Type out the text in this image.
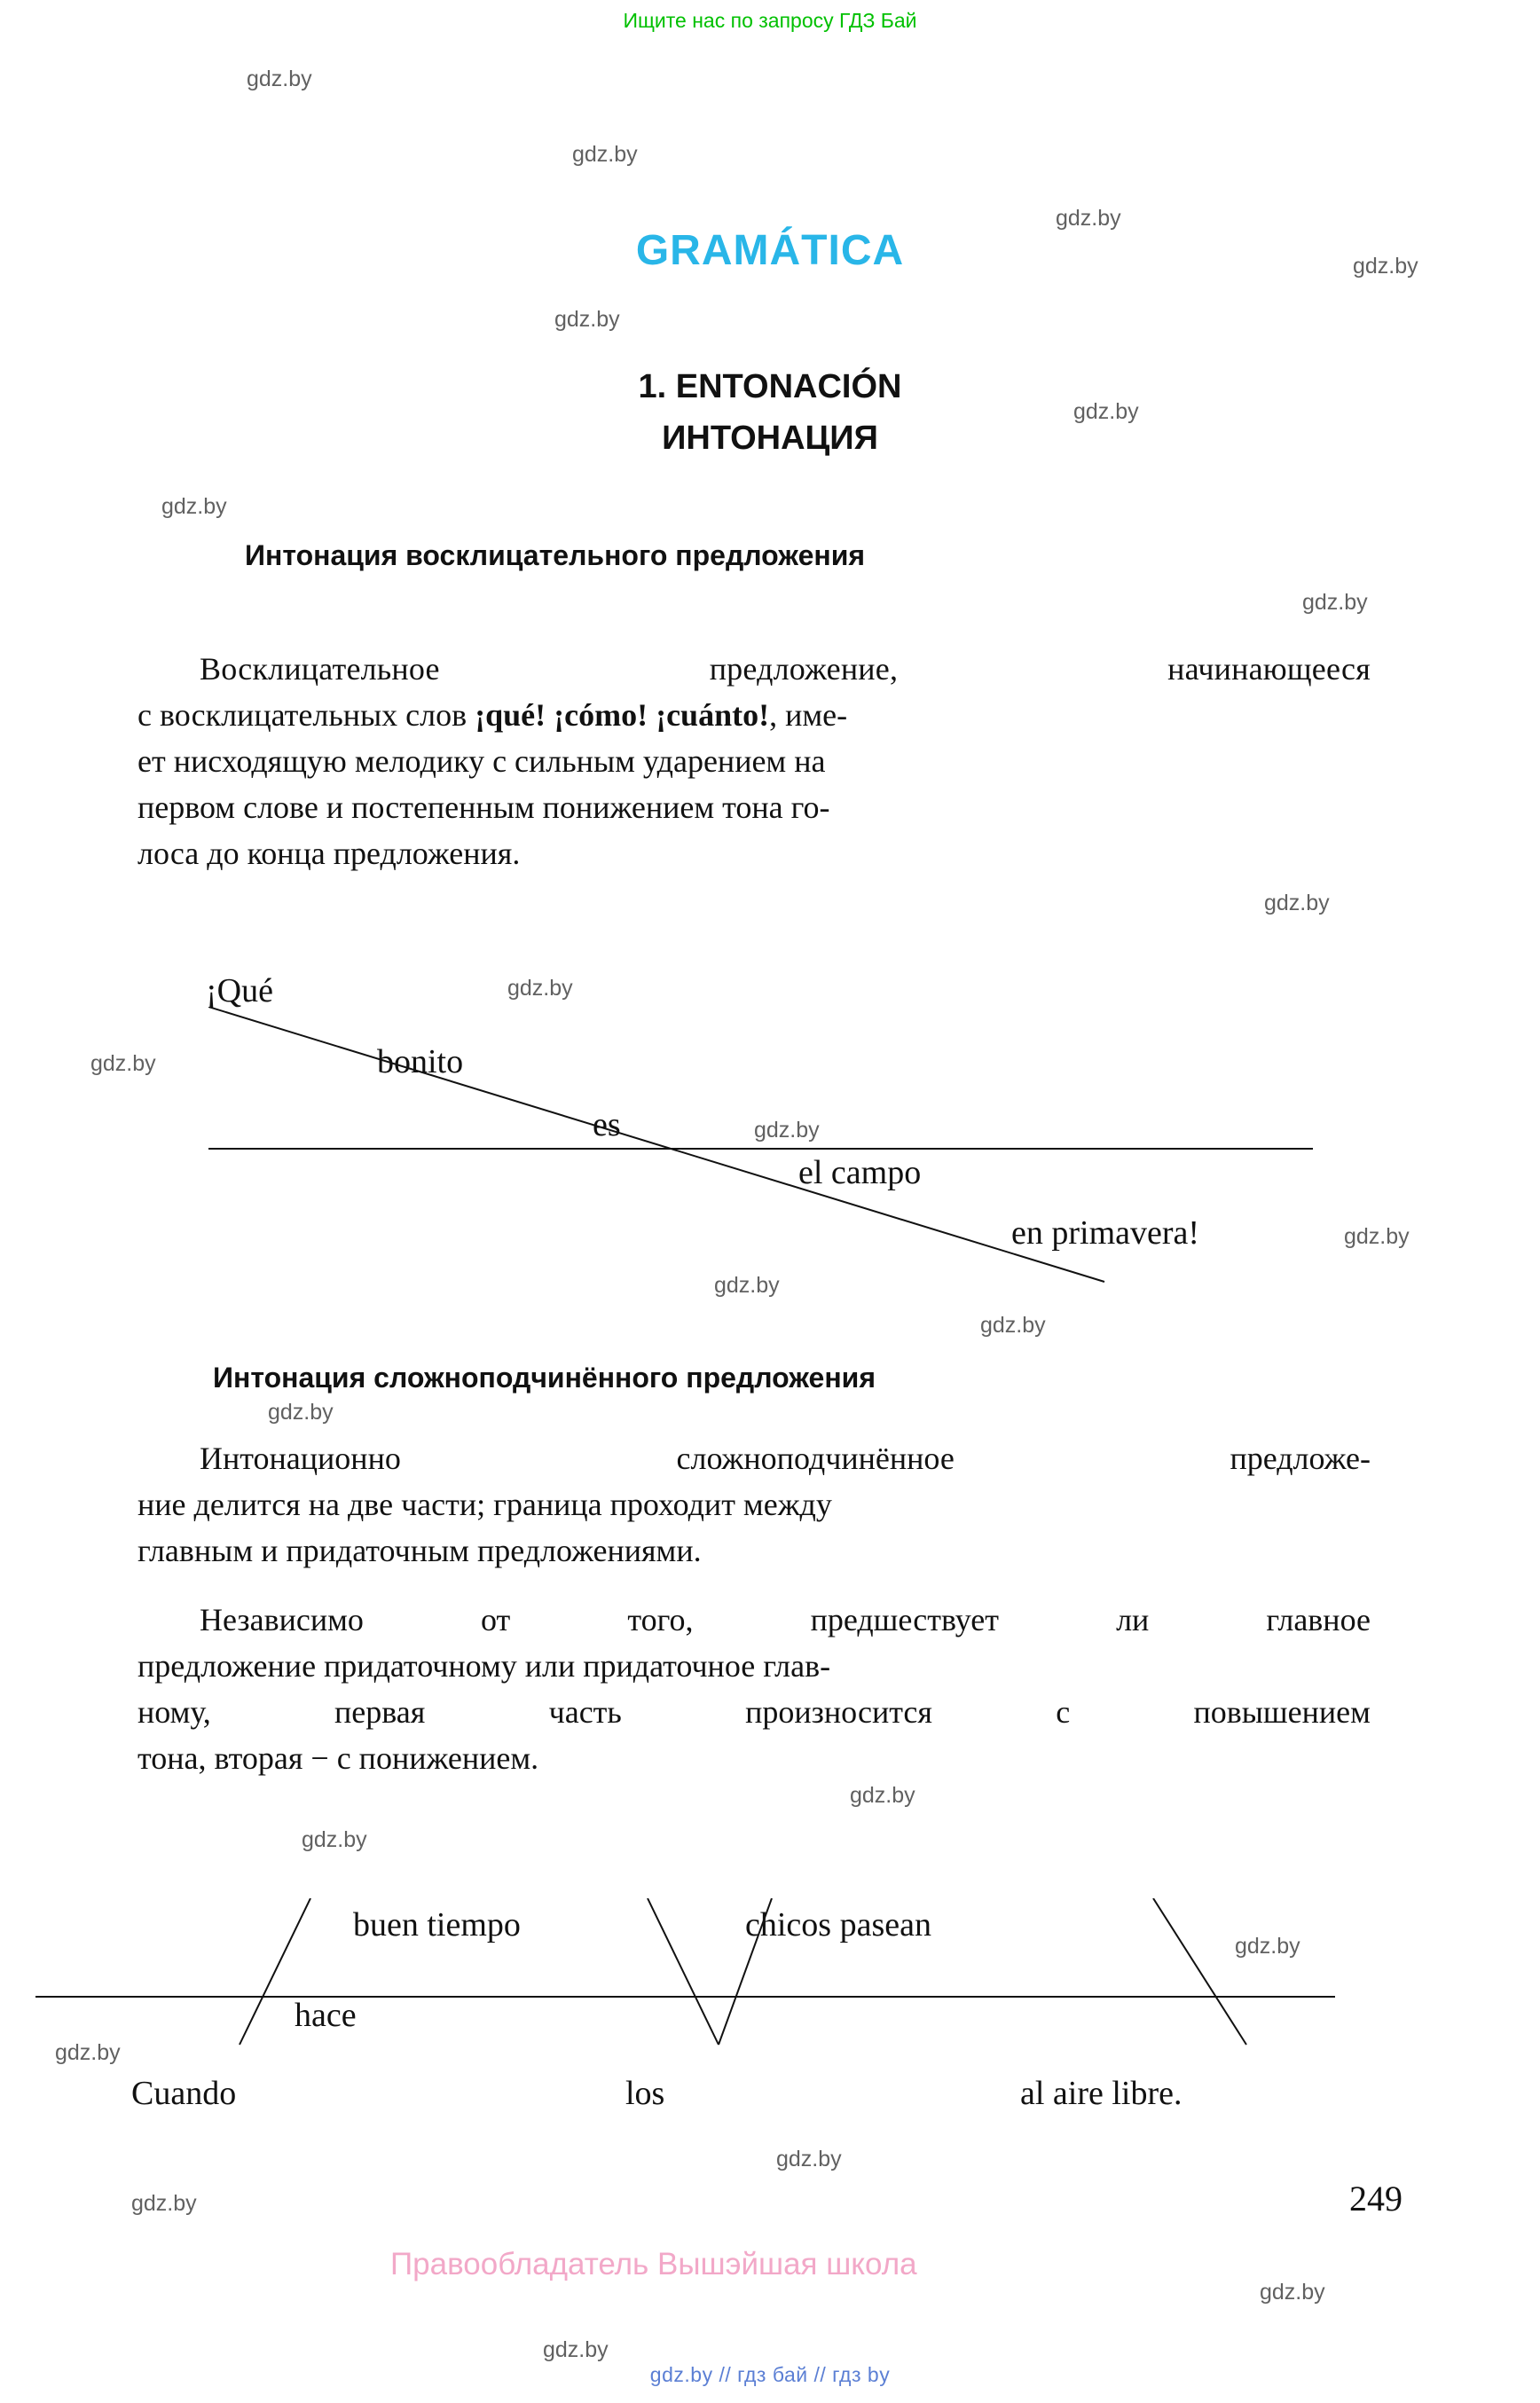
Ищите нас по запросу ГДЗ Бай
GRAMÁTICA
1. ENTONACIÓN
ИНТОНАЦИЯ
Интонация восклицательного предложения
Интонация сложноподчинённого предложения
Восклицательное	предложение,	начинающееся
с восклицательных слов ¡qué! ¡cómo! ¡cuánto!, име-
ет нисходящую мелодику с сильным ударением на
первом слове и постепенным понижением тона го-
лоса до конца предложения.
¡Qué
bonito
es
el campo
en primavera!
Интонационно	сложноподчинённое	предложе-
ние делится на две части; граница проходит между
главным и придаточным предложениями.
Независимо	от	того,	предшествует	ли	главное
предложение придаточному или придаточное глав-
ному,	первая	часть	произносится	с	повышением
тона, вторая − с понижением.
Cuando
hace
buen tiempo	chicos pasean
los	al aire libre.
249
Правообладатель Вышэйшая школа
gdz.by // гдз бай // гдз by
gdz.by
gdz.by
gdz.by
gdz.by
gdz.by
gdz.by
gdz.by
gdz.by
gdz.by
gdz.by
gdz.by
gdz.by
gdz.by
gdz.by
gdz.by
gdz.by
gdz.by
gdz.by
gdz.by
gdz.by
gdz.by
gdz.by
gdz.by
gdz.by
